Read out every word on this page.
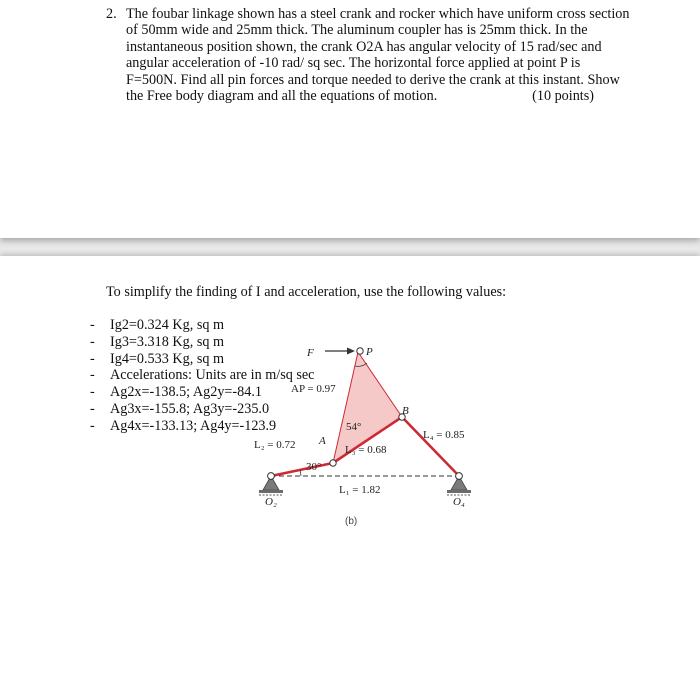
2. The foubar linkage shown has a steel crank and rocker which have uniform cross section
of 50mm wide and 25mm thick. The aluminum coupler has is 25mm thick. In the
instantaneous position shown, the crank O2A has angular velocity of 15 rad/sec and
angular acceleration of -10 rad/ sq sec. The horizontal force applied at point P is
F=500N. Find all pin forces and torque needed to derive the crank at this instant. Show
the Free body diagram and all the equations of motion.	(10 points)
F	P
AP = 0.97
54°
B
A	L₄ = 0.85
L₂ = 0.72	L₃ = 0.68
30°
L₁ = 1.82
O₂	O₄
(b)
To simplify the finding of I and acceleration, use the following values:
- Ig2=0.324 Kg, sq m
- Ig3=3.318 Kg, sq m
- Ig4=0.533 Kg, sq m
- Accelerations: Units are in m/sq sec
- Ag2x=-138.5; Ag2y=-84.1
- Ag3x=-155.8; Ag3y=-235.0
- Ag4x=-133.13; Ag4y=-123.9
